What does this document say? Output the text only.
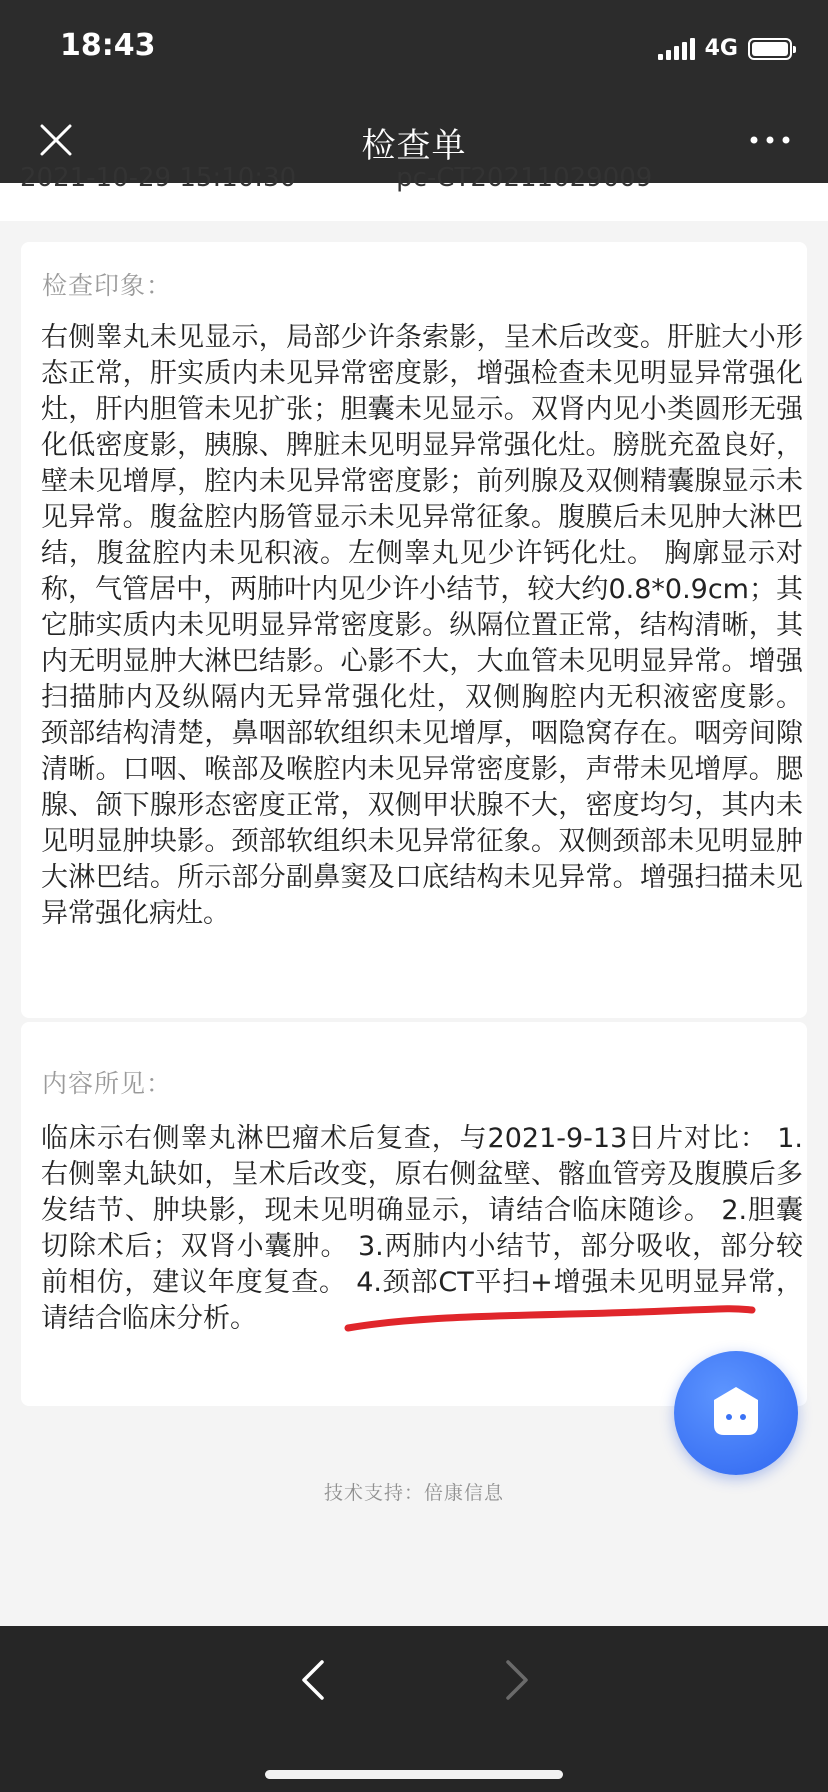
18:43	4G
检查单
2021-10-29 15:10:30	pc-CT20211029009
检查印象：

右侧睾丸未见显示，局部少许条索影，呈术后改变。肝脏大小形态正常，肝实质内未见异常密度影，增强检查未见明显异常强化灶，肝内胆管未见扩张；胆囊未见显示。双肾内见小类圆形无强化低密度影，胰腺、脾脏未见明显异常强化灶。膀胱充盈良好，壁未见增厚，腔内未见异常密度影；前列腺及双侧精囊腺显示未见异常。腹盆腔内肠管显示未见异常征象。腹膜后未见肿大淋巴结，腹盆腔内未见积液。左侧睾丸见少许钙化灶。 胸廓显示对称，气管居中，两肺叶内见少许小结节，较大约0.8*0.9cm；其它肺实质内未见明显异常密度影。纵隔位置正常，结构清晰，其内无明显肿大淋巴结影。心影不大，大血管未见明显异常。增强扫描肺内及纵隔内无异常强化灶，双侧胸腔内无积液密度影。 颈部结构清楚，鼻咽部软组织未见增厚，咽隐窝存在。咽旁间隙清晰。口咽、喉部及喉腔内未见异常密度影，声带未见增厚。腮腺、颌下腺形态密度正常，双侧甲状腺不大，密度均匀，其内未见明显肿块影。颈部软组织未见异常征象。双侧颈部未见明显肿大淋巴结。所示部分副鼻窦及口底结构未见异常。增强扫描未见异常强化病灶。

内容所见：

临床示右侧睾丸淋巴瘤术后复查，与2021-9-13日片对比： 1.右侧睾丸缺如，呈术后改变，原右侧盆壁、髂血管旁及腹膜后多发结节、肿块影，现未见明确显示，请结合临床随诊。 2.胆囊切除术后；双肾小囊肿。 3.两肺内小结节，部分吸收，部分较前相仿，建议年度复查。 4.颈部CT平扫+增强未见明显异常，请结合临床分析。

技术支持：倍康信息
